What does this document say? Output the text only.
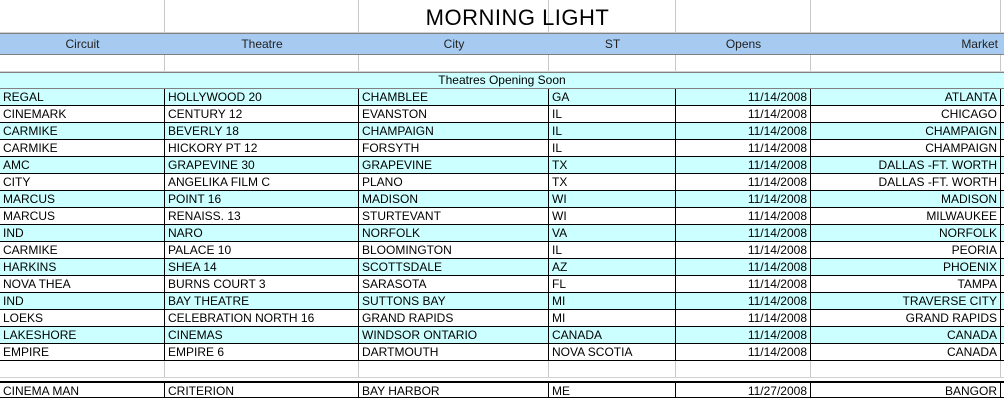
MORNING LIGHT
Circuit	Theatre	City	ST	Opens	Market
Theatres Opening Soon
REGAL	HOLLYWOOD 20	CHAMBLEE	GA	11/14/2008	ATLANTA
CINEMARK	CENTURY 12	EVANSTON	IL	11/14/2008	CHICAGO
CARMIKE	BEVERLY 18	CHAMPAIGN	IL	11/14/2008	CHAMPAIGN
CARMIKE	HICKORY PT 12	FORSYTH	IL	11/14/2008	CHAMPAIGN
AMC	GRAPEVINE 30	GRAPEVINE	TX	11/14/2008	DALLAS -FT. WORTH
CITY	ANGELIKA FILM C	PLANO	TX	11/14/2008	DALLAS -FT. WORTH
MARCUS	POINT 16	MADISON	WI	11/14/2008	MADISON
MARCUS	RENAISS. 13	STURTEVANT	WI	11/14/2008	MILWAUKEE
IND	NARO	NORFOLK	VA	11/14/2008	NORFOLK
CARMIKE	PALACE 10	BLOOMINGTON	IL	11/14/2008	PEORIA
HARKINS	SHEA 14	SCOTTSDALE	AZ	11/14/2008	PHOENIX
NOVA THEA	BURNS COURT 3	SARASOTA	FL	11/14/2008	TAMPA
IND	BAY THEATRE	SUTTONS BAY	MI	11/14/2008	TRAVERSE CITY
LOEKS	CELEBRATION NORTH 16	GRAND RAPIDS	MI	11/14/2008	GRAND RAPIDS
LAKESHORE	CINEMAS	WINDSOR ONTARIO	CANADA	11/14/2008	CANADA
EMPIRE	EMPIRE 6	DARTMOUTH	NOVA SCOTIA	11/14/2008	CANADA
CINEMA MAN	CRITERION	BAY HARBOR	ME	11/27/2008	BANGOR
